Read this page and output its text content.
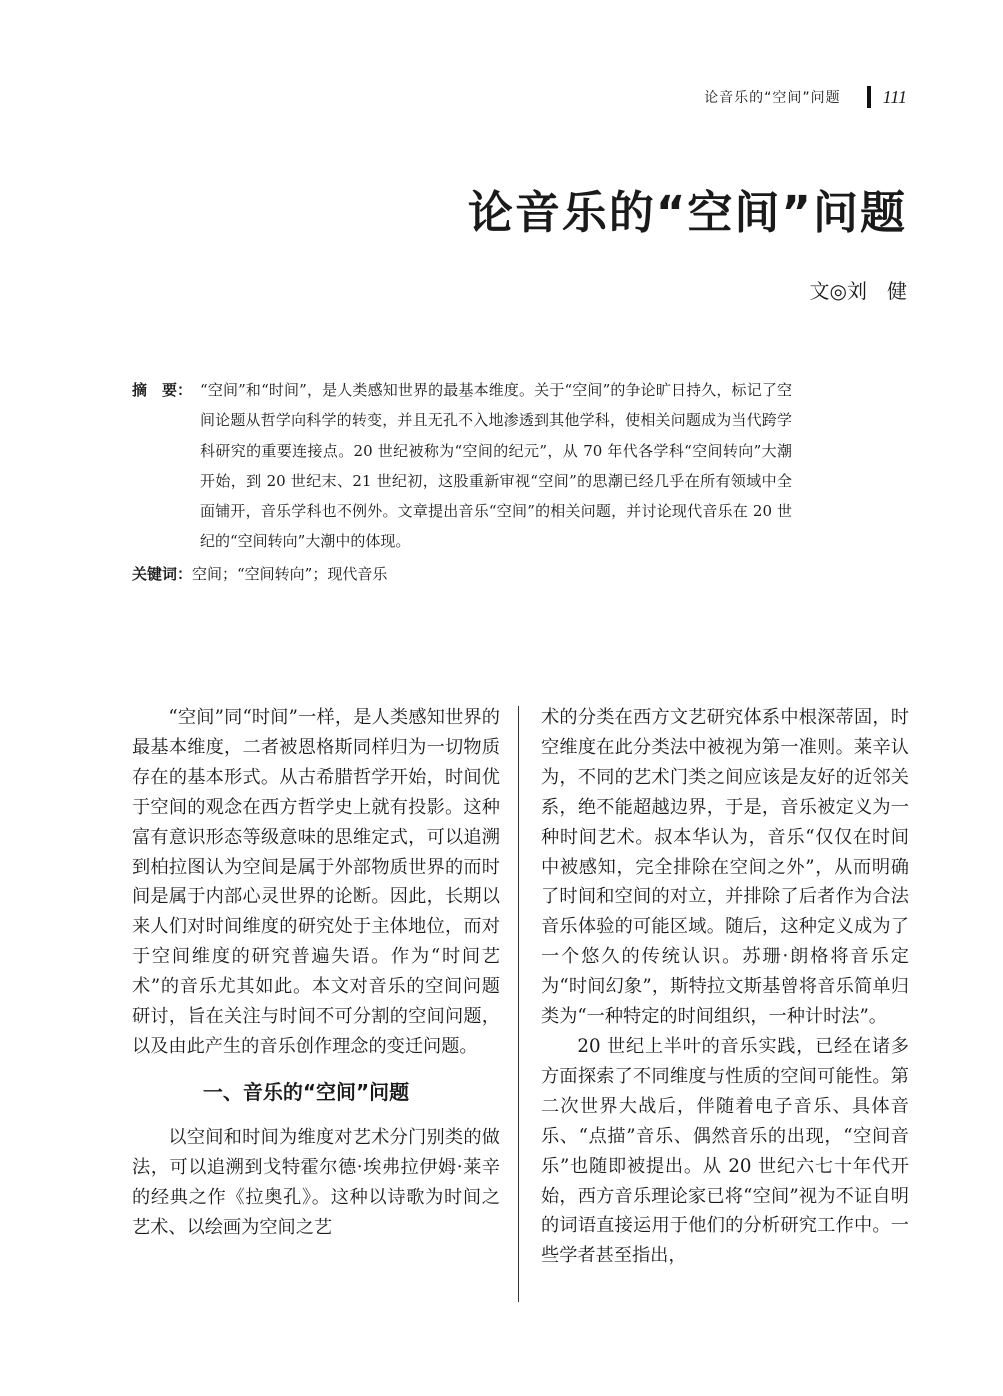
论音乐的“空间”问题 111
论音乐的“空间”问题
文◎刘　健
摘　要： “空间”和“时间”，是人类感知世界的最基本维度。关于“空间”的争论旷日持久，标记了空间论题从哲学向科学的转变，并且无孔不入地渗透到其他学科，使相关问题成为当代跨学科研究的重要连接点。20 世纪被称为“空间的纪元”，从 70 年代各学科“空间转向”大潮开始，到 20 世纪末、21 世纪初，这股重新审视“空间”的思潮已经几乎在所有领域中全面铺开，音乐学科也不例外。文章提出音乐“空间”的相关问题，并讨论现代音乐在 20 世纪的“空间转向”大潮中的体现。
关键词： 空间；“空间转向”；现代音乐

“空间”同“时间”一样，是人类感知世界的最基本维度，二者被恩格斯同样归为一切物质存在的基本形式。从古希腊哲学开始，时间优于空间的观念在西方哲学史上就有投影。这种富有意识形态等级意味的思维定式，可以追溯到柏拉图认为空间是属于外部物质世界的而时间是属于内部心灵世界的论断。因此，长期以来人们对时间维度的研究处于主体地位，而对于空间维度的研究普遍失语。作为“时间艺术”的音乐尤其如此。本文对音乐的空间问题研讨，旨在关注与时间不可分割的空间问题，以及由此产生的音乐创作理念的变迁问题。

一、音乐的“空间”问题

以空间和时间为维度对艺术分门别类的做法，可以追溯到戈特霍尔德·埃弗拉伊姆·莱辛的经典之作《拉奥孔》。这种以诗歌为时间之艺术、以绘画为空间之艺

术的分类在西方文艺研究体系中根深蒂固，时空维度在此分类法中被视为第一准则。莱辛认为，不同的艺术门类之间应该是友好的近邻关系，绝不能超越边界，于是，音乐被定义为一种时间艺术。叔本华认为，音乐“仅仅在时间中被感知，完全排除在空间之外”，从而明确了时间和空间的对立，并排除了后者作为合法音乐体验的可能区域。随后，这种定义成为了一个悠久的传统认识。苏珊·朗格将音乐定为“时间幻象”，斯特拉文斯基曾将音乐简单归类为“一种特定的时间组织，一种计时法”。

20 世纪上半叶的音乐实践，已经在诸多方面探索了不同维度与性质的空间可能性。第二次世界大战后，伴随着电子音乐、具体音乐、“点描”音乐、偶然音乐的出现，“空间音乐”也随即被提出。从 20 世纪六七十年代开始，西方音乐理论家已将“空间”视为不证自明的词语直接运用于他们的分析研究工作中。一些学者甚至指出，
